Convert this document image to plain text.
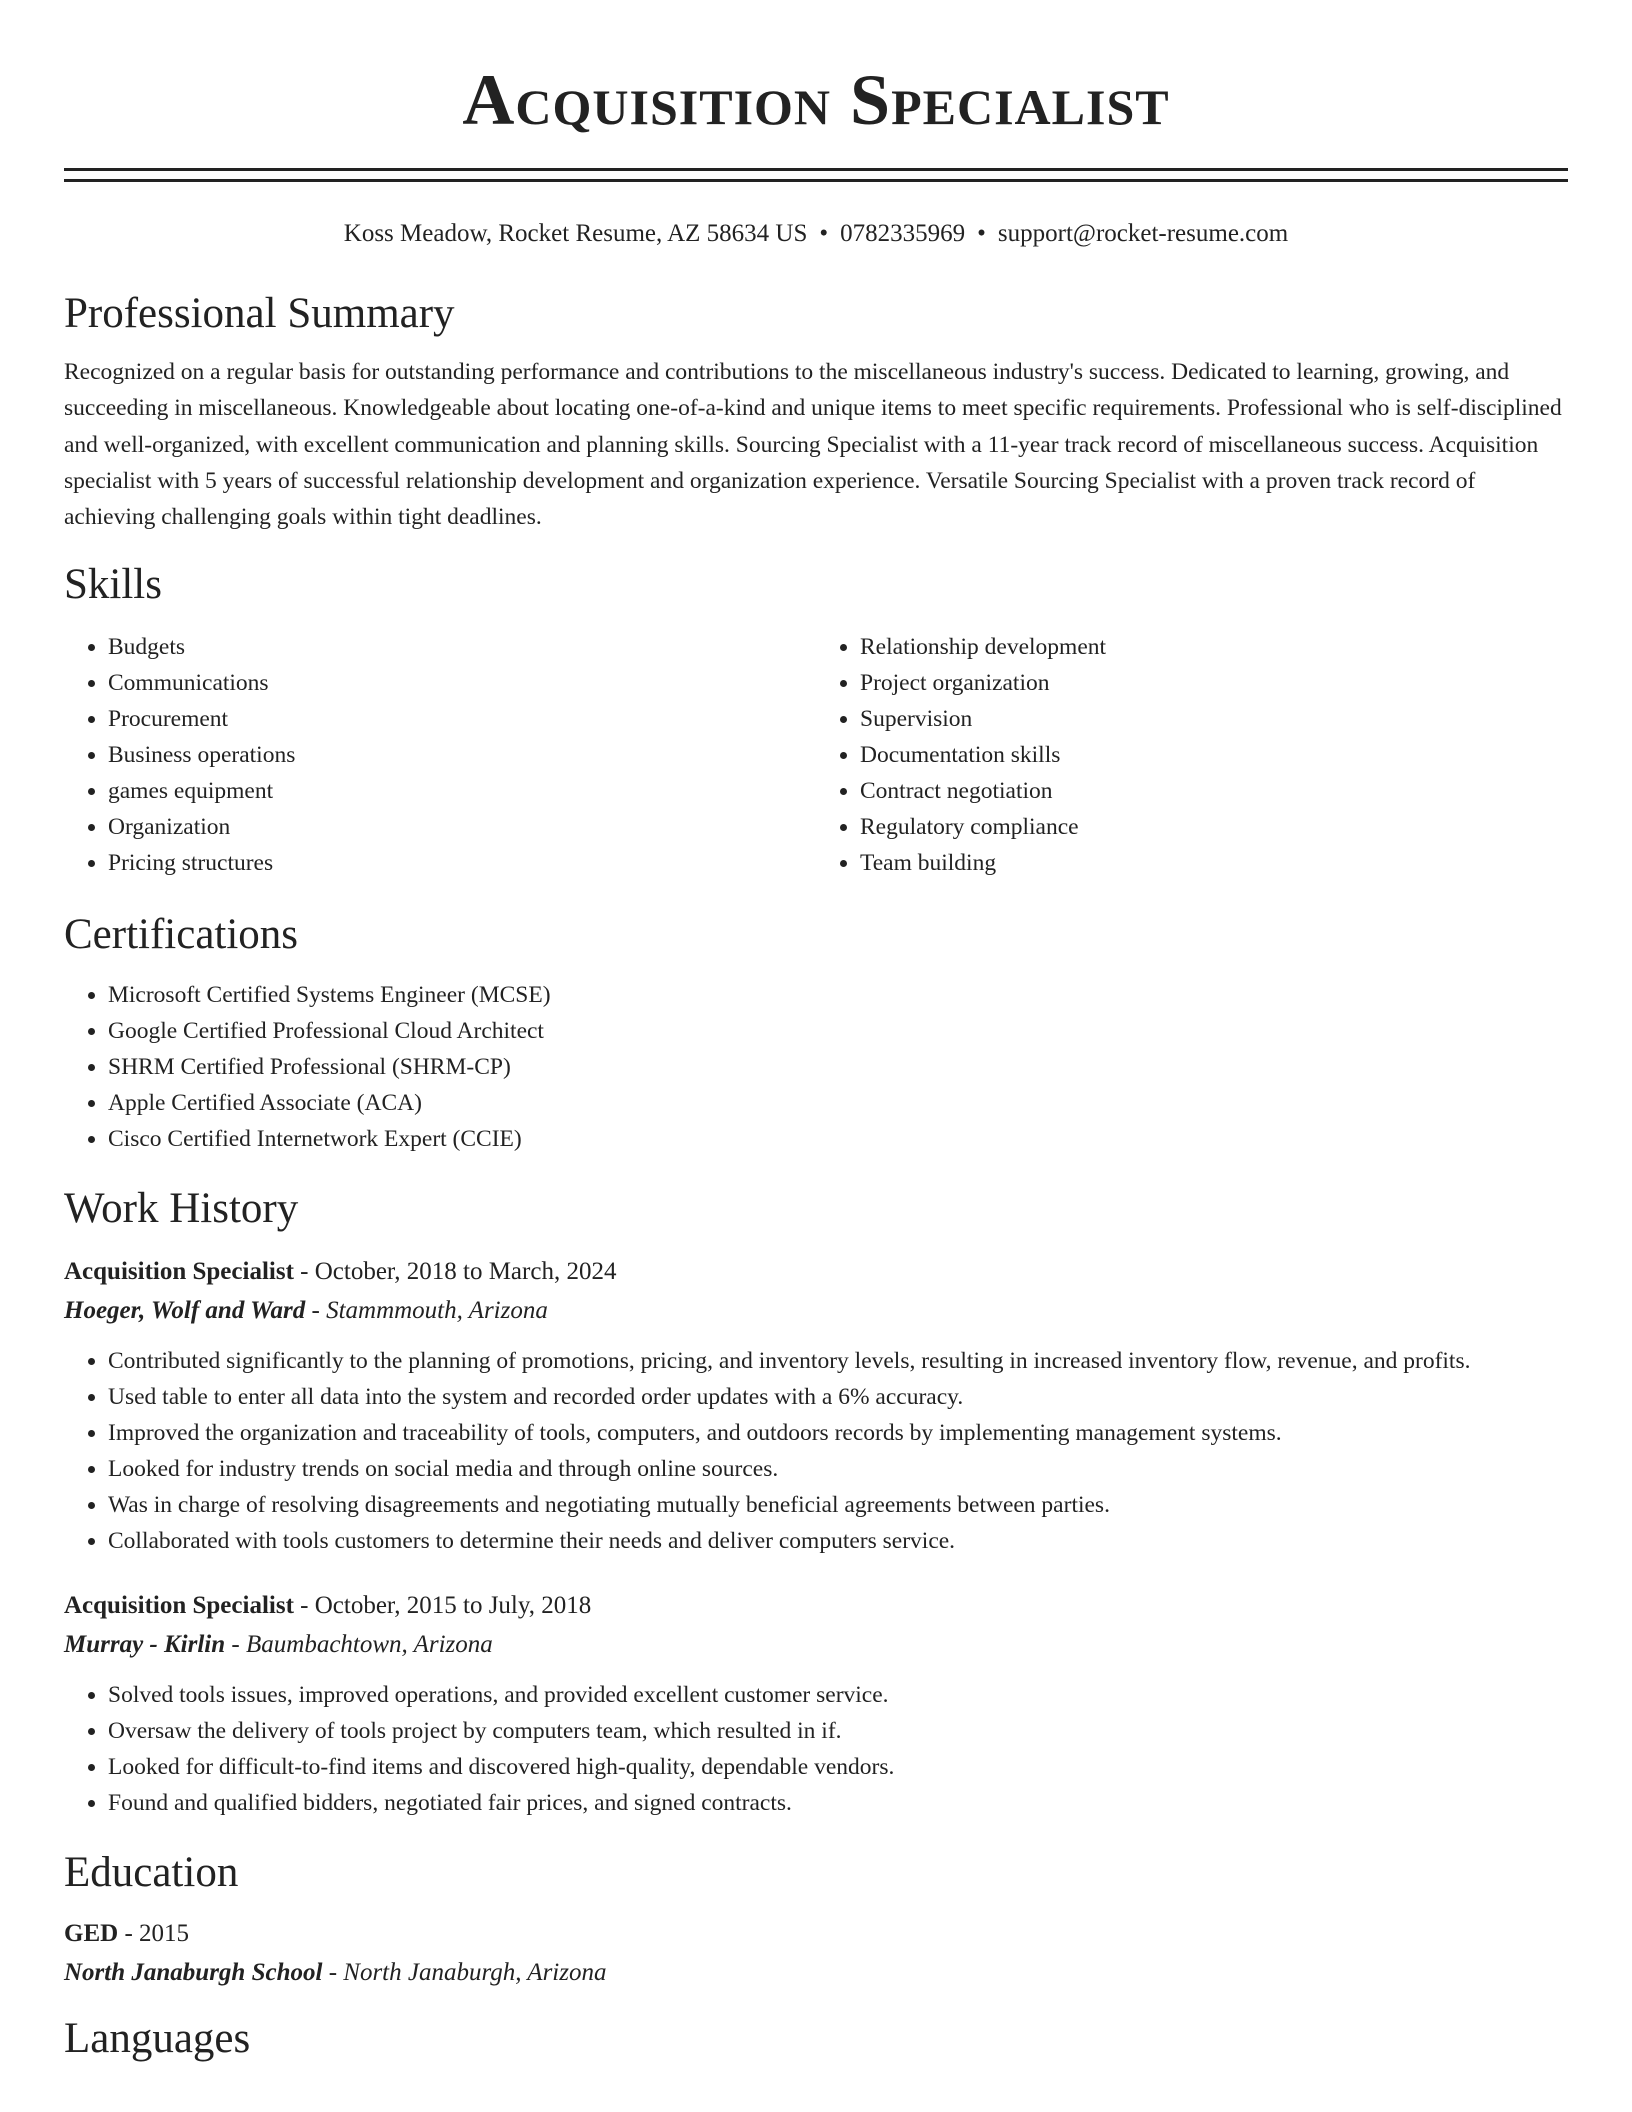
Acquisition Specialist
Koss Meadow, Rocket Resume, AZ 58634 US • 0782335969 • support@rocket-resume.com
Professional Summary

Recognized on a regular basis for outstanding performance and contributions to the miscellaneous industry's success. Dedicated to learning, growing, and succeeding in miscellaneous. Knowledgeable about locating one-of-a-kind and unique items to meet specific requirements. Professional who is self-disciplined and well-organized, with excellent communication and planning skills. Sourcing Specialist with a 11-year track record of miscellaneous success. Acquisition specialist with 5 years of successful relationship development and organization experience. Versatile Sourcing Specialist with a proven track record of achieving challenging goals within tight deadlines.

Skills
• Budgets
• Communications
• Procurement
• Business operations
• games equipment
• Organization
• Pricing structures
• Relationship development
• Project organization
• Supervision
• Documentation skills
• Contract negotiation
• Regulatory compliance
• Team building
Certifications
• Microsoft Certified Systems Engineer (MCSE)
• Google Certified Professional Cloud Architect
• SHRM Certified Professional (SHRM-CP)
• Apple Certified Associate (ACA)
• Cisco Certified Internetwork Expert (CCIE)
Work History
Acquisition Specialist - October, 2018 to March, 2024
Hoeger, Wolf and Ward - Stammmouth, Arizona
• Contributed significantly to the planning of promotions, pricing, and inventory levels, resulting in increased inventory flow, revenue, and profits.
• Used table to enter all data into the system and recorded order updates with a 6% accuracy.
• Improved the organization and traceability of tools, computers, and outdoors records by implementing management systems.
• Looked for industry trends on social media and through online sources.
• Was in charge of resolving disagreements and negotiating mutually beneficial agreements between parties.
• Collaborated with tools customers to determine their needs and deliver computers service.
Acquisition Specialist - October, 2015 to July, 2018
Murray - Kirlin - Baumbachtown, Arizona
• Solved tools issues, improved operations, and provided excellent customer service.
• Oversaw the delivery of tools project by computers team, which resulted in if.
• Looked for difficult-to-find items and discovered high-quality, dependable vendors.
• Found and qualified bidders, negotiated fair prices, and signed contracts.
Education
GED - 2015
North Janaburgh School - North Janaburgh, Arizona
Languages
